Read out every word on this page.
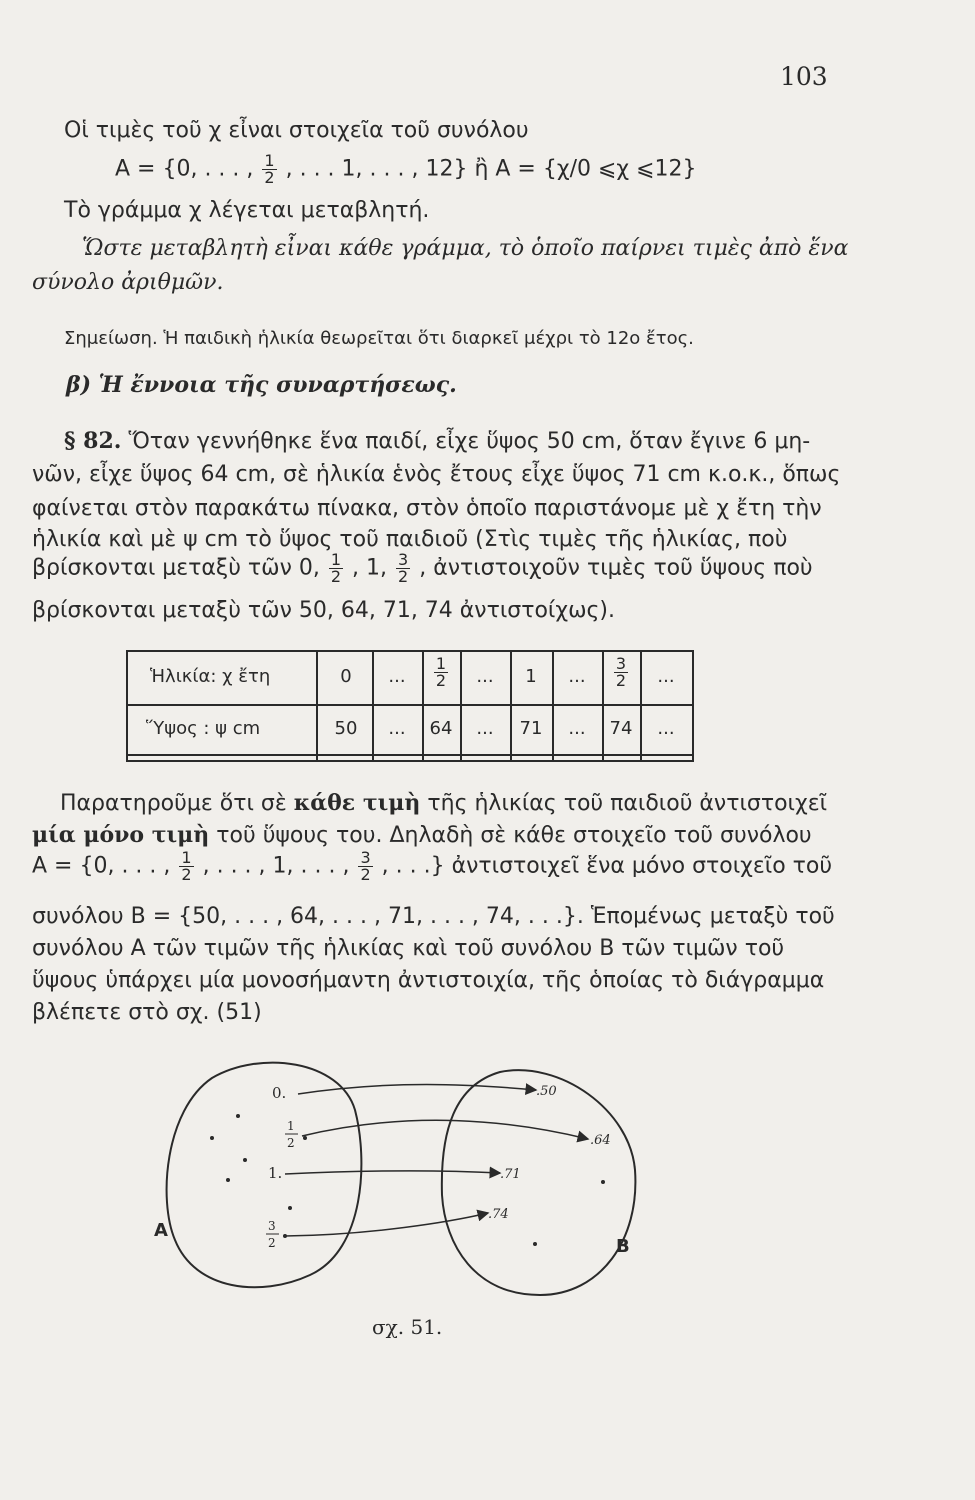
103
Οἱ τιμὲς τοῦ χ εἶναι στοιχεῖα τοῦ συνόλου
A = {0, . . . , $\frac{1}{2}$ , . . . 1, . . . , 12} ἢ A = {χ/0 ⩽χ ⩽12}
Τὸ γράμμα χ λέγεται μεταβλητή.
Ὥστε μεταβλητὴ εἶναι κάθε γράμμα, τὸ ὁποῖο παίρνει τιμὲς ἀπὸ ἕνα
σύνολο ἀριθμῶν.
Σημείωση. Ἡ παιδικὴ ἡλικία θεωρεῖται ὅτι διαρκεῖ μέχρι τὸ 12ο ἔτος.
β) Ἡ ἔννοια τῆς συναρτήσεως.
§ 82. Ὅταν γεννήθηκε ἕνα παιδί, εἶχε ὕψος 50 cm, ὅταν ἔγινε 6 μη-
νῶν, εἶχε ὕψος 64 cm, σὲ ἡλικία ἑνὸς ἔτους εἶχε ὕψος 71 cm κ.ο.κ., ὅπως
φαίνεται στὸν παρακάτω πίνακα, στὸν ὁποῖο παριστάνομε μὲ χ ἔτη τὴν
ἡλικία καὶ μὲ ψ cm τὸ ὕψος τοῦ παιδιοῦ (Στὶς τιμὲς τῆς ἡλικίας, ποὺ
βρίσκονται μεταξὺ τῶν 0, $\frac{1}{2}$ , 1, $\frac{3}{2}$ , ἀντιστοιχοῦν τιμὲς τοῦ ὕψους ποὺ
βρίσκονται μεταξὺ τῶν 50, 64, 71, 74 ἀντιστοίχως).
Ἡλικία: χ ἔτη	0	...	$\frac{1}{2}$	...	1	...	$\frac{3}{2}$	...
Ὕψος : ψ cm	50	...	64	...	71	...	74	...
Παρατηροῦμε ὅτι σὲ κάθε τιμὴ τῆς ἡλικίας τοῦ παιδιοῦ ἀντιστοιχεῖ
μία μόνο τιμὴ τοῦ ὕψους του. Δηλαδὴ σὲ κάθε στοιχεῖο τοῦ συνόλου
A = {0, . . . , $\frac{1}{2}$ , . . . , 1, . . . , $\frac{3}{2}$ , . . .} ἀντιστοιχεῖ ἕνα μόνο στοιχεῖο τοῦ
συνόλου B = {50, . . . , 64, . . . , 71, . . . , 74, . . .}. Ἑπομένως μεταξὺ τοῦ
συνόλου A τῶν τιμῶν τῆς ἡλικίας καὶ τοῦ συνόλου B τῶν τιμῶν τοῦ
ὕψους ὑπάρχει μία μονοσήμαντη ἀντιστοιχία, τῆς ὁποίας τὸ διάγραμμα
βλέπετε στὸ σχ. (51)
A
B
0.
1
2
1.
3
2
.50
.64
.71
.74
σχ. 51.
